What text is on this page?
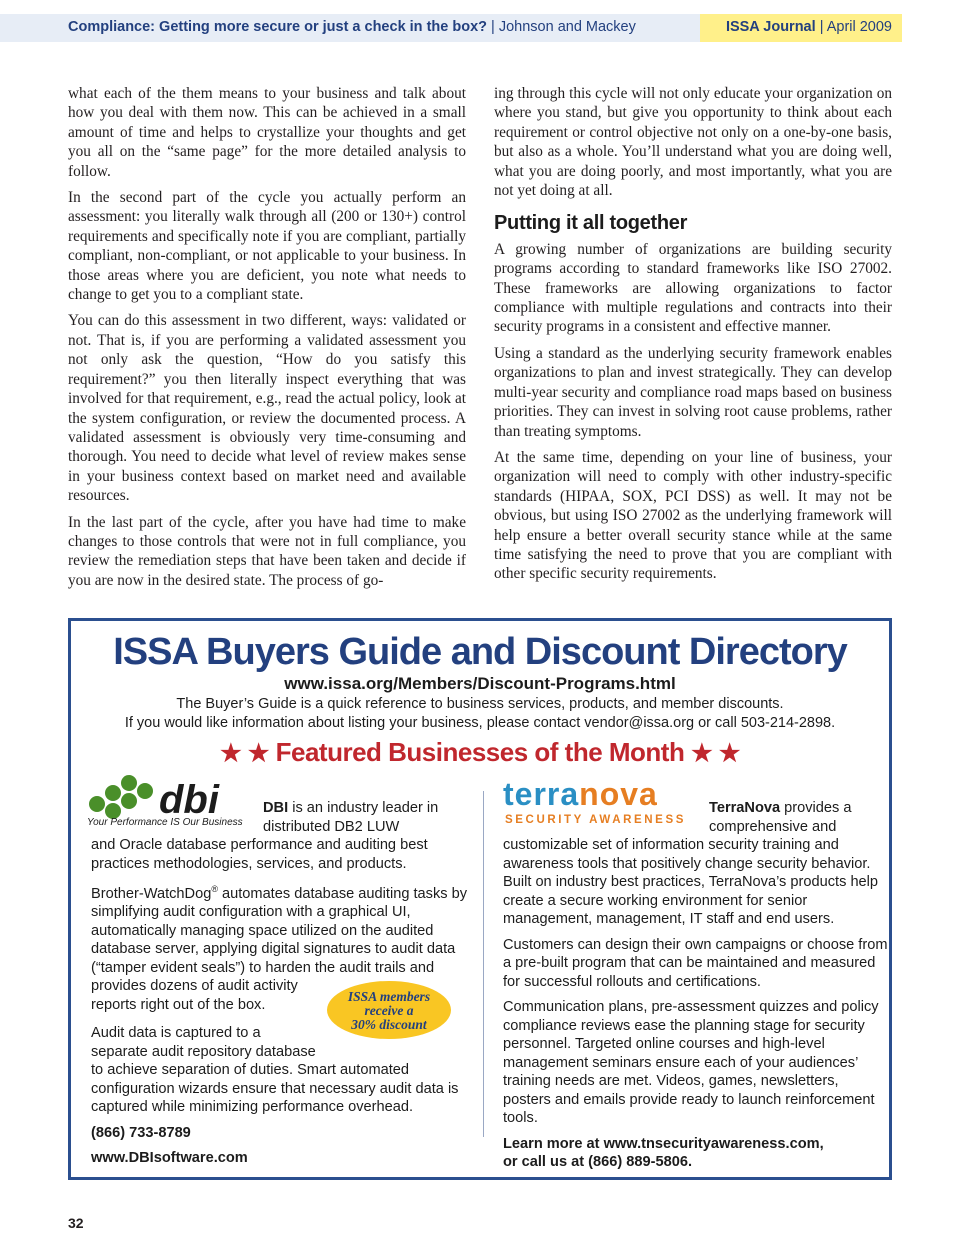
Compliance: Getting more secure or just a check in the box? | Johnson and Mackey	ISSA Journal | April 2009

what each of the them means to your business and talk about how you deal with them now. This can be achieved in a small amount of time and helps to crystallize your thoughts and get you all on the “same page” for the more detailed analysis to follow.

In the second part of the cycle you actually perform an assessment: you literally walk through all (200 or 130+) control requirements and specifically note if you are compliant, partially compliant, non-compliant, or not applicable to your business. In those areas where you are deficient, you note what needs to change to get you to a compliant state.

You can do this assessment in two different, ways: validated or not. That is, if you are performing a validated assessment you not only ask the question, “How do you satisfy this requirement?” you then literally inspect everything that was involved for that requirement, e.g., read the actual policy, look at the system configuration, or review the documented process. A validated assessment is obviously very time-consuming and thorough. You need to decide what level of review makes sense in your business context based on market need and available resources.

In the last part of the cycle, after you have had time to make changes to those controls that were not in full compliance, you review the remediation steps that have been taken and decide if you are now in the desired state. The process of go-

ing through this cycle will not only educate your organization on where you stand, but give you opportunity to think about each requirement or control objective not only on a one-by-one basis, but also as a whole. You’ll understand what you are doing well, what you are doing poorly, and most importantly, what you are not yet doing at all.

Putting it all together

A growing number of organizations are building security programs according to standard frameworks like ISO 27002. These frameworks are allowing organizations to factor compliance with multiple regulations and contracts into their security programs in a consistent and effective manner.

Using a standard as the underlying security framework enables organizations to plan and invest strategically. They can develop multi-year security and compliance road maps based on business priorities. They can invest in solving root cause problems, rather than treating symptoms.

At the same time, depending on your line of business, your organization will need to comply with other industry-specific standards (HIPAA, SOX, PCI DSS) as well. It may not be obvious, but using ISO 27002 as the underlying framework will help ensure a better overall security stance while at the same time satisfying the need to prove that you are compliant with other specific security requirements.

ISSA Buyers Guide and Discount Directory
www.issa.org/Members/Discount-Programs.html
The Buyer’s Guide is a quick reference to business services, products, and member discounts.
If you would like information about listing your business, please contact vendor@issa.org or call 503-214-2898.
★ ★ Featured Businesses of the Month ★ ★
dbi
Your Performance IS Our Business
DBI is an industry leader in distributed DB2 LUW

and Oracle database performance and auditing best practices methodologies, services, and products.

Brother-WatchDog® automates database auditing tasks by simplifying audit configuration with a graphical UI, automatically managing space utilized on the audited database server, applying digital signatures to audit data (“tamper evident seals”) to harden the audit trails and provides dozens of audit activity
reports right out of the box.

Audit data is captured to a
separate audit repository database
to achieve separation of duties. Smart automated configuration wizards ensure that necessary audit data is captured while minimizing performance overhead.

(866) 733-8789

www.DBIsoftware.com

ISSA members
receive a
30% discount
terranova
SECURITY AWARENESS
TerraNova provides a comprehensive and

customizable set of information security training and awareness tools that positively change security behavior. Built on industry best practices, TerraNova’s products help create a secure working environment for senior management, management, IT staff and end users.

Customers can design their own campaigns or choose from a pre-built program that can be maintained and measured for successful rollouts and certifications.

Communication plans, pre-assessment quizzes and policy compliance reviews ease the planning stage for security personnel. Targeted online courses and high-level management seminars ensure each of your audiences’ training needs are met. Videos, games, newsletters, posters and emails provide ready to launch reinforcement tools.

Learn more at www.tnsecurityawareness.com,
or call us at (866) 889-5806.

32
